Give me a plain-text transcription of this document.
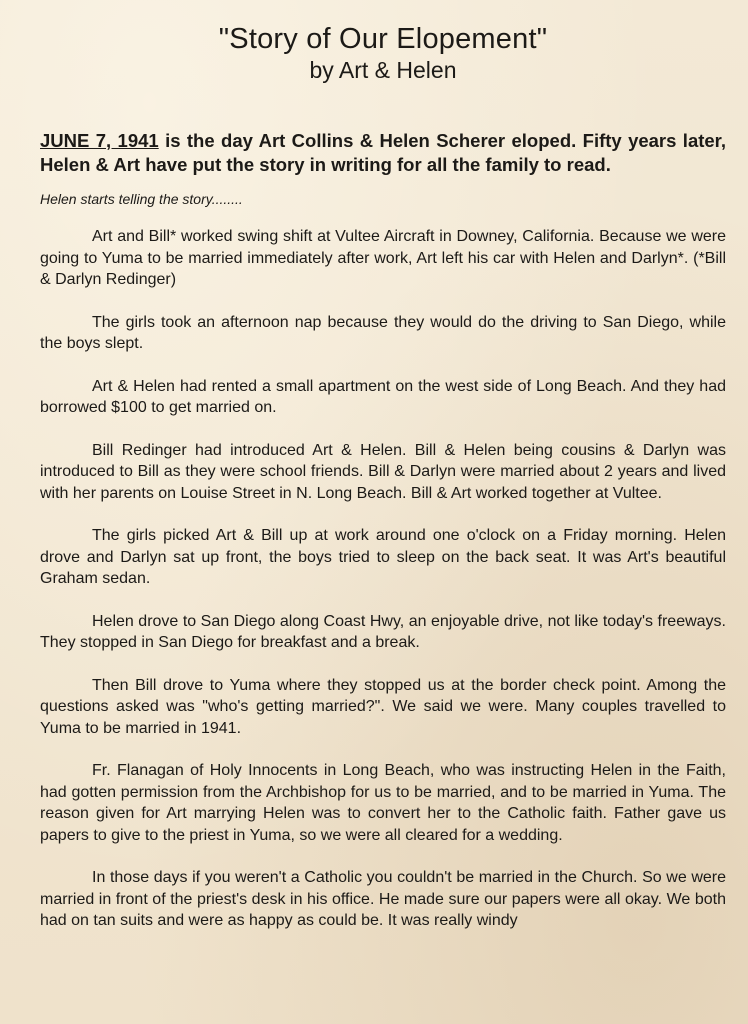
"Story of Our Elopement"
by Art & Helen
JUNE 7, 1941 is the day Art Collins & Helen Scherer eloped. Fifty years later, Helen & Art have put the story in writing for all the family to read.
Helen starts telling the story........

Art and Bill* worked swing shift at Vultee Aircraft in Downey, California. Because we were going to Yuma to be married immediately after work, Art left his car with Helen and Darlyn*. (*Bill & Darlyn Redinger)

The girls took an afternoon nap because they would do the driving to San Diego, while the boys slept.

Art & Helen had rented a small apartment on the west side of Long Beach. And they had borrowed $100 to get married on.

Bill Redinger had introduced Art & Helen. Bill & Helen being cousins & Darlyn was introduced to Bill as they were school friends. Bill & Darlyn were married about 2 years and lived with her parents on Louise Street in N. Long Beach. Bill & Art worked together at Vultee.

The girls picked Art & Bill up at work around one o'clock on a Friday morning. Helen drove and Darlyn sat up front, the boys tried to sleep on the back seat. It was Art's beautiful Graham sedan.

Helen drove to San Diego along Coast Hwy, an enjoyable drive, not like today's freeways. They stopped in San Diego for breakfast and a break.

Then Bill drove to Yuma where they stopped us at the border check point. Among the questions asked was "who's getting married?". We said we were. Many couples travelled to Yuma to be married in 1941.

Fr. Flanagan of Holy Innocents in Long Beach, who was instructing Helen in the Faith, had gotten permission from the Archbishop for us to be married, and to be married in Yuma. The reason given for Art marrying Helen was to convert her to the Catholic faith. Father gave us papers to give to the priest in Yuma, so we were all cleared for a wedding.

In those days if you weren't a Catholic you couldn't be married in the Church. So we were married in front of the priest's desk in his office. He made sure our papers were all okay. We both had on tan suits and were as happy as could be. It was really windy
